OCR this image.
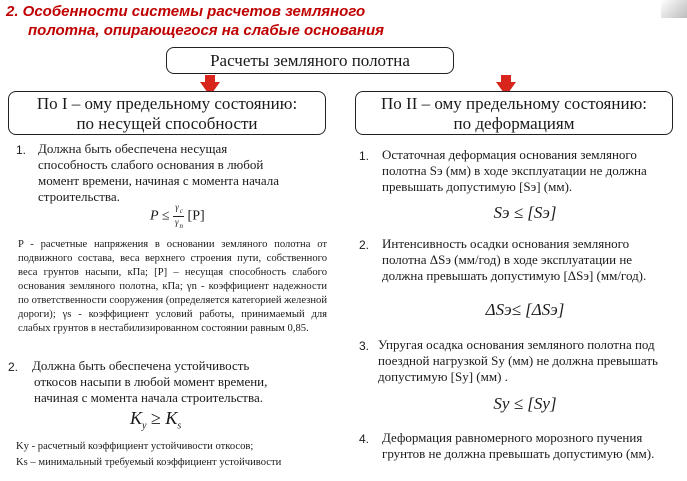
2. Особенности системы расчетов земляного
полотна, опирающегося на слабые основания
Расчеты земляного полотна
По I – ому предельному состоянию:
по несущей способности
По II – ому предельному состоянию:
по деформациям
1. Должна быть обеспечена несущая
способность слабого основания в любой
момент времени, начиная с момента начала
строительства.
$P \le \frac{\gamma_c}{\gamma_n} [P]$
P - расчетные напряжения в основании земляного полотна от подвижного состава, веса верхнего строения пути, собственного веса грунтов насыпи, кПа; [P] – несущая способность слабого основания земляного полотна, кПа; γn - коэффициент надежности по ответственности сооружения (определяется категорией железной дороги); γs - коэффициент условий работы, принимаемый для слабых грунтов в нестабилизированном состоянии равным 0,85.
2. Должна быть обеспечена устойчивость
откосов насыпи в любой момент времени,
начиная с момента начала строительства.
$K_y \ge K_s$
Ky - расчетный коэффициент устойчивости откосов;
Ks – минимальный требуемый коэффициент устойчивости
1. Остаточная деформация основания земляного полотна Sэ (мм) в ходе эксплуатации не должна превышать допустимую [Sэ] (мм).
Sэ ≤ [Sэ]
2. Интенсивность осадки основания земляного полотна ΔSэ (мм/год) в ходе эксплуатации не должна превышать допустимую [ΔSэ] (мм/год).
ΔSэ≤ [ΔSэ]
3. Упругая осадка основания земляного полотна под поездной нагрузкой Sу (мм) не должна превышать допустимую [Sу] (мм) .
Sу ≤ [Sу]
4. Деформация равномерного морозного пучения грунтов не должна превышать допустимую (мм).
